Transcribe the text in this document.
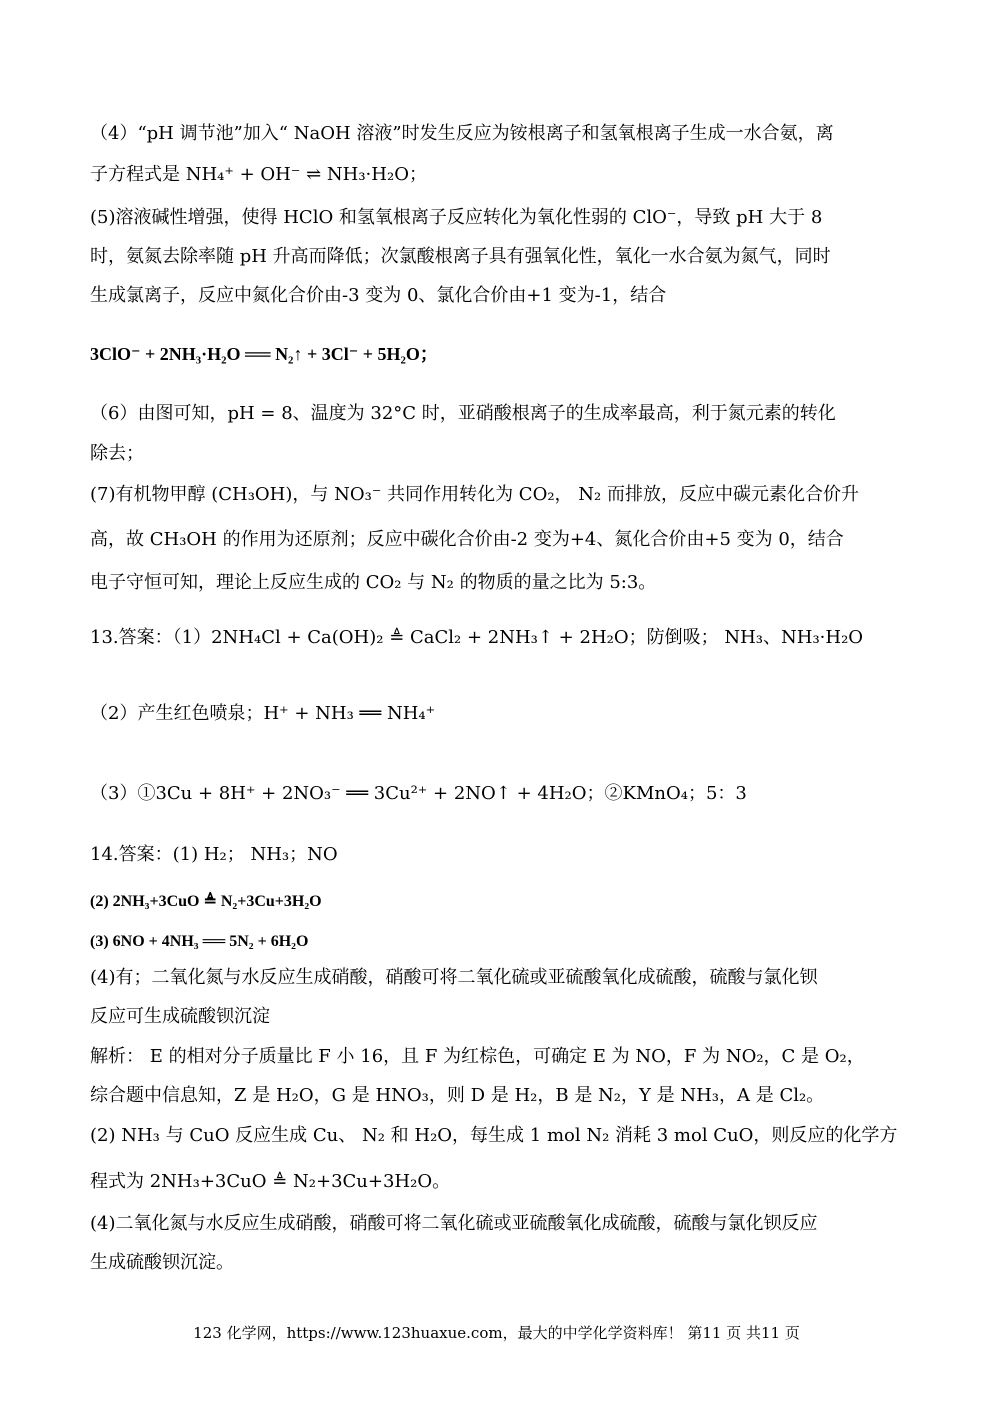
（4）“pH 调节池”加入“ NaOH 溶液”时发生反应为铵根离子和氢氧根离子生成一水合氨，离
子方程式是 NH₄⁺ + OH⁻ ⇌ NH₃·H₂O；
(5)溶液碱性增强，使得 HClO 和氢氧根离子反应转化为氧化性弱的 ClO⁻，导致 pH 大于 8
时，氨氮去除率随 pH 升高而降低；次氯酸根离子具有强氧化性，氧化一水合氨为氮气，同时
生成氯离子，反应中氮化合价由-3 变为 0、氯化合价由+1 变为-1，结合
3ClO⁻ + 2NH₃·H₂O ══ N₂↑ + 3Cl⁻ + 5H₂O；
（6）由图可知，pH = 8、温度为 32°C 时，亚硝酸根离子的生成率最高，利于氮元素的转化
除去；
(7)有机物甲醇 (CH₃OH)，与 NO₃⁻ 共同作用转化为 CO₂， N₂ 而排放，反应中碳元素化合价升
高，故 CH₃OH 的作用为还原剂；反应中碳化合价由-2 变为+4、氮化合价由+5 变为 0，结合
电子守恒可知，理论上反应生成的 CO₂ 与 N₂ 的物质的量之比为 5:3。
13.答案：（1）2NH₄Cl + Ca(OH)₂ ≜ CaCl₂ + 2NH₃↑ + 2H₂O；防倒吸； NH₃、NH₃·H₂O
（2）产生红色喷泉；H⁺ + NH₃ ══ NH₄⁺
（3）①3Cu + 8H⁺ + 2NO₃⁻ ══ 3Cu²⁺ + 2NO↑ + 4H₂O；②KMnO₄；5：3
14.答案：(1) H₂； NH₃；NO
(2) 2NH₃+3CuO ≜ N₂+3Cu+3H₂O
(3) 6NO + 4NH₃ ══ 5N₂ + 6H₂O
(4)有；二氧化氮与水反应生成硝酸，硝酸可将二氧化硫或亚硫酸氧化成硫酸，硫酸与氯化钡
反应可生成硫酸钡沉淀
解析： E 的相对分子质量比 F 小 16，且 F 为红棕色，可确定 E 为 NO，F 为 NO₂，C 是 O₂，
综合题中信息知，Z 是 H₂O，G 是 HNO₃，则 D 是 H₂，B 是 N₂，Y 是 NH₃，A 是 Cl₂。
(2) NH₃ 与 CuO 反应生成 Cu、 N₂ 和 H₂O，每生成 1 mol N₂ 消耗 3 mol CuO，则反应的化学方
程式为 2NH₃+3CuO ≜ N₂+3Cu+3H₂O。
(4)二氧化氮与水反应生成硝酸，硝酸可将二氧化硫或亚硫酸氧化成硫酸，硫酸与氯化钡反应
生成硫酸钡沉淀。
123 化学网，https://www.123huaxue.com，最大的中学化学资料库！ 第11 页 共11 页
